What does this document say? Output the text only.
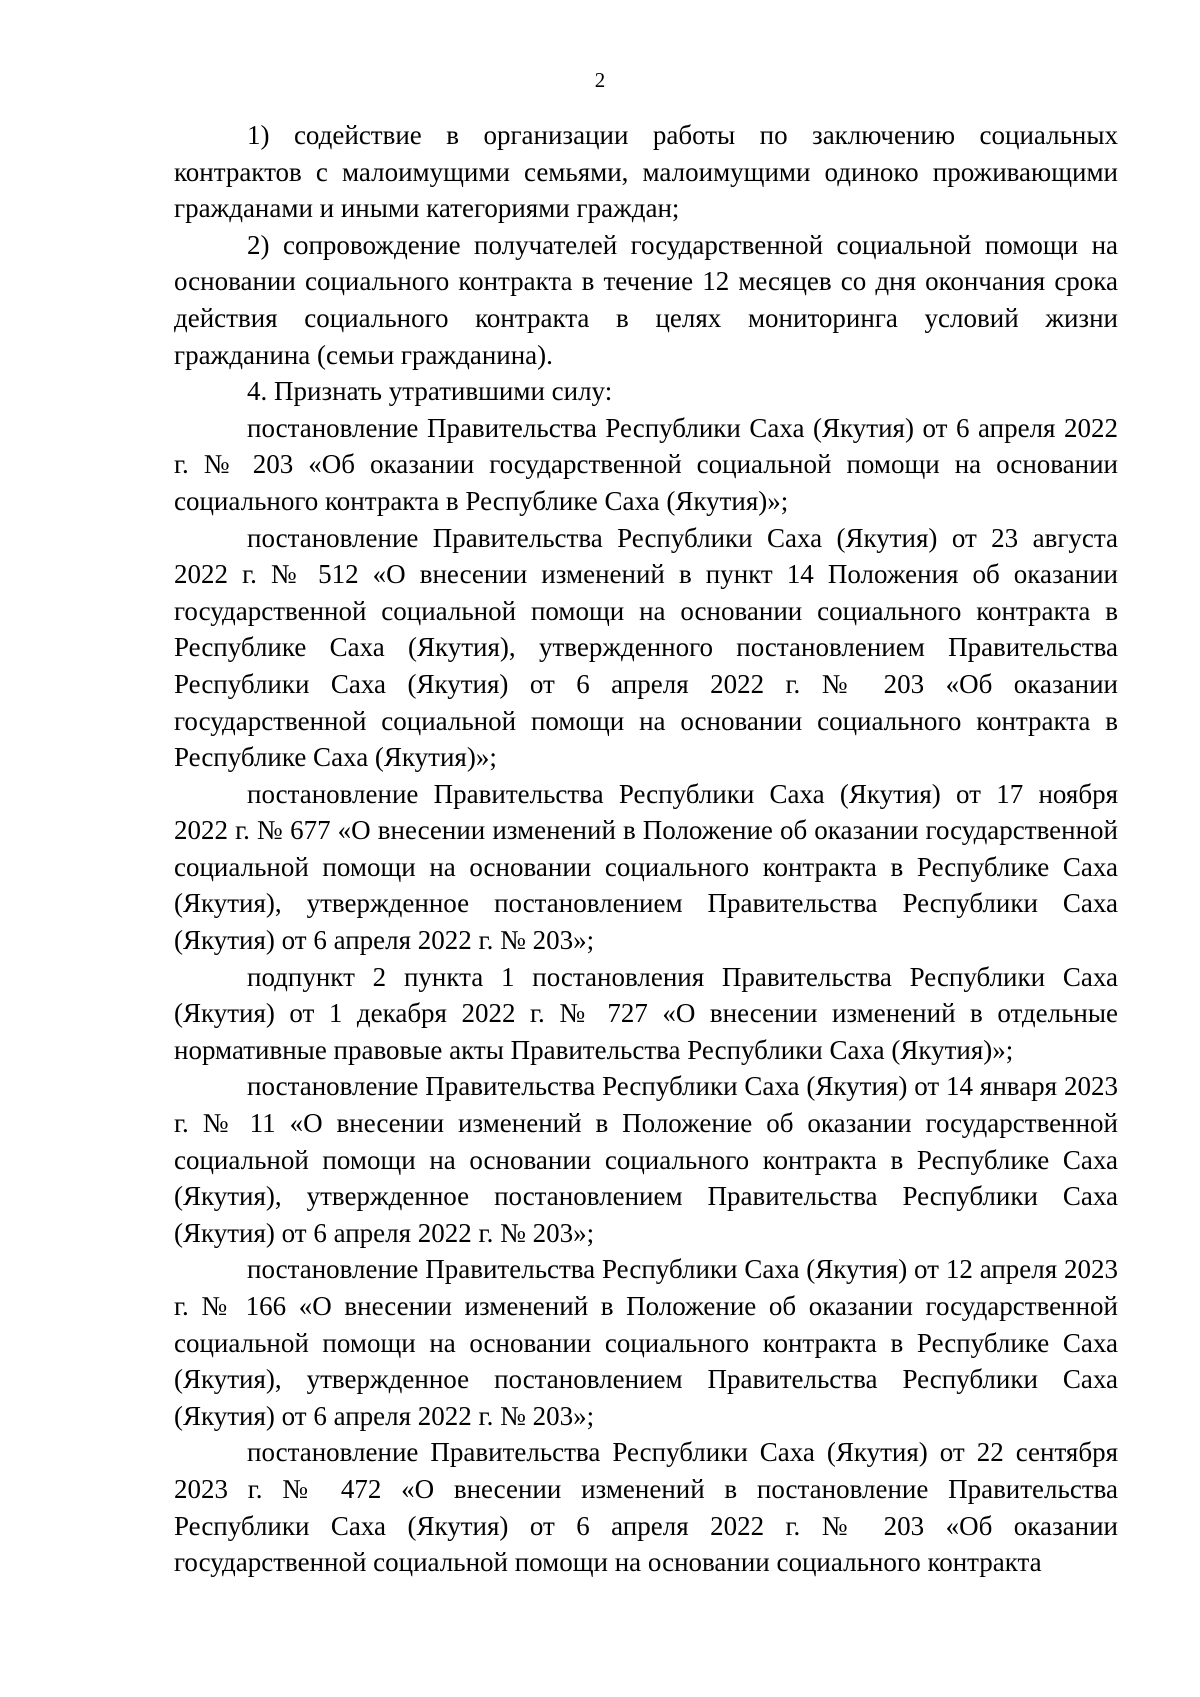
2

1) содействие в организации работы по заключению социальных контрактов с малоимущими семьями, малоимущими одиноко проживающими гражданами и иными категориями граждан;

2) сопровождение получателей государственной социальной помощи на основании социального контракта в течение 12 месяцев со дня окончания срока действия социального контракта в целях мониторинга условий жизни гражданина (семьи гражданина).

4. Признать утратившими силу:

постановление Правительства Республики Саха (Якутия) от 6 апреля 2022 г. № 203 «Об оказании государственной социальной помощи на основании социального контракта в Республике Саха (Якутия)»;

постановление Правительства Республики Саха (Якутия) от 23 августа 2022 г. № 512 «О внесении изменений в пункт 14 Положения об оказании государственной социальной помощи на основании социального контракта в Республике Саха (Якутия), утвержденного постановлением Правительства Республики Саха (Якутия) от 6 апреля 2022 г. № 203 «Об оказании государственной социальной помощи на основании социального контракта в Республике Саха (Якутия)»;

постановление Правительства Республики Саха (Якутия) от 17 ноября 2022 г. № 677 «О внесении изменений в Положение об оказании государственной социальной помощи на основании социального контракта в Республике Саха (Якутия), утвержденное постановлением Правительства Республики Саха (Якутия) от 6 апреля 2022 г. № 203»;

подпункт 2 пункта 1 постановления Правительства Республики Саха (Якутия) от 1 декабря 2022 г. № 727 «О внесении изменений в отдельные нормативные правовые акты Правительства Республики Саха (Якутия)»;

постановление Правительства Республики Саха (Якутия) от 14 января 2023 г. № 11 «О внесении изменений в Положение об оказании государственной социальной помощи на основании социального контракта в Республике Саха (Якутия), утвержденное постановлением Правительства Республики Саха (Якутия) от 6 апреля 2022 г. № 203»;

постановление Правительства Республики Саха (Якутия) от 12 апреля 2023 г. № 166 «О внесении изменений в Положение об оказании государственной социальной помощи на основании социального контракта в Республике Саха (Якутия), утвержденное постановлением Правительства Республики Саха (Якутия) от 6 апреля 2022 г. № 203»;

постановление Правительства Республики Саха (Якутия) от 22 сентября 2023 г. № 472 «О внесении изменений в постановление Правительства Республики Саха (Якутия) от 6 апреля 2022 г. № 203 «Об оказании государственной социальной помощи на основании социального контракта
